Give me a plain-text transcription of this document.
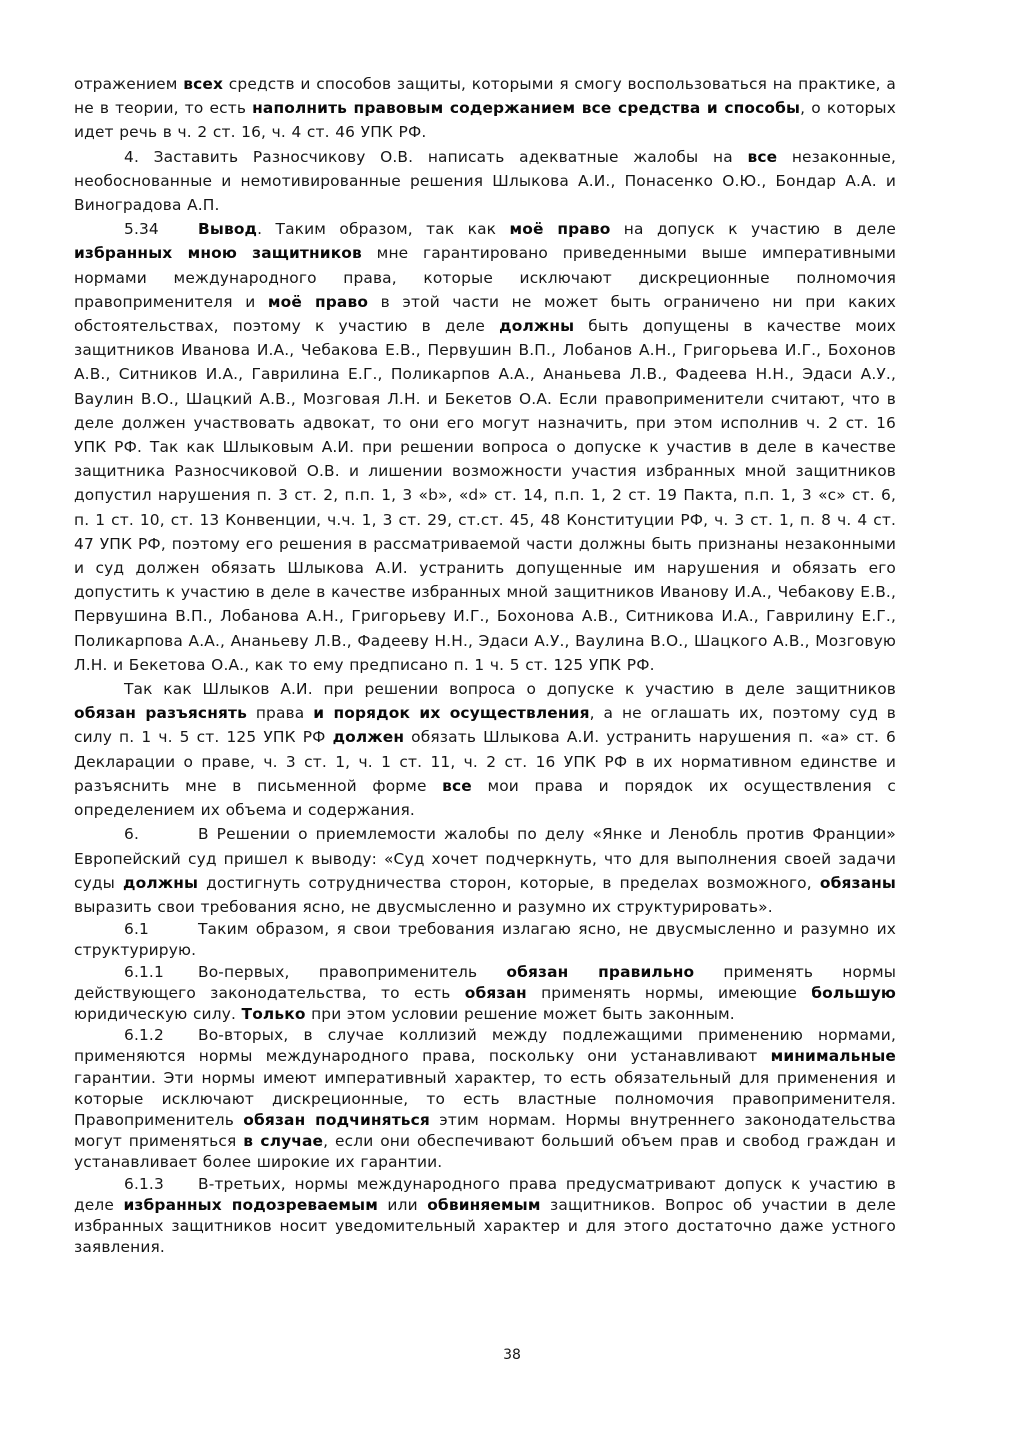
отражением всех средств и способов защиты, которыми я смогу воспользоваться на практике, а не в теории, то есть наполнить правовым содержанием все средства и способы, о которых идет речь в ч. 2 ст. 16, ч. 4 ст. 46 УПК РФ.

4. Заставить Разносчикову О.В. написать адекватные жалобы на все незаконные, необоснованные и немотивированные решения Шлыкова А.И., Понасенко О.Ю., Бондар А.А. и Виноградова А.П.

5.34	Вывод. Таким образом, так как моё право на допуск к участию в деле избранных мною защитников мне гарантировано приведенными выше императивными нормами международного права, которые исключают дискреционные полномочия правоприменителя и моё право в этой части не может быть ограничено ни при каких обстоятельствах, поэтому к участию в деле должны быть допущены в качестве моих защитников Иванова И.А., Чебакова Е.В., Первушин В.П., Лобанов А.Н., Григорьева И.Г., Бохонов А.В., Ситников И.А., Гаврилина Е.Г., Поликарпов А.А., Ананьева Л.В., Фадеева Н.Н., Эдаси А.У., Ваулин В.О., Шацкий А.В., Мозговая Л.Н. и Бекетов О.А. Если правоприменители считают, что в деле должен участвовать адвокат, то они его могут назначить, при этом исполнив ч. 2 ст. 16 УПК РФ. Так как Шлыковым А.И. при решении вопроса о допуске к участив в деле в качестве защитника Разносчиковой О.В. и лишении возможности участия избранных мной защитников допустил нарушения п. 3 ст. 2, п.п. 1, 3 «b», «d» ст. 14, п.п. 1, 2 ст. 19 Пакта, п.п. 1, 3 «c» ст. 6, п. 1 ст. 10, ст. 13 Конвенции, ч.ч. 1, 3 ст. 29, ст.ст. 45, 48 Конституции РФ, ч. 3 ст. 1, п. 8 ч. 4 ст. 47 УПК РФ, поэтому его решения в рассматриваемой части должны быть признаны незаконными и суд должен обязать Шлыкова А.И. устранить допущенные им нарушения и обязать его допустить к участию в деле в качестве избранных мной защитников Иванову И.А., Чебакову Е.В., Первушина В.П., Лобанова А.Н., Григорьеву И.Г., Бохонова А.В., Ситникова И.А., Гаврилину Е.Г., Поликарпова А.А., Ананьеву Л.В., Фадееву Н.Н., Эдаси А.У., Ваулина В.О., Шацкого А.В., Мозговую Л.Н. и Бекетова О.А., как то ему предписано п. 1 ч. 5 ст. 125 УПК РФ.

Так как Шлыков А.И. при решении вопроса о допуске к участию в деле защитников обязан разъяснять права и порядок их осуществления, а не оглашать их, поэтому суд в силу п. 1 ч. 5 ст. 125 УПК РФ должен обязать Шлыкова А.И. устранить нарушения п. «а» ст. 6 Декларации о праве, ч. 3 ст. 1, ч. 1 ст. 11, ч. 2 ст. 16 УПК РФ в их нормативном единстве и разъяснить мне в письменной форме все мои права и порядок их осуществления с определением их объема и содержания.

6.	В Решении о приемлемости жалобы по делу «Янке и Ленобль против Франции» Европейский суд пришел к выводу: «Суд хочет подчеркнуть, что для выполнения своей задачи суды должны достигнуть сотрудничества сторон, которые, в пределах возможного, обязаны выразить свои требования ясно, не двусмысленно и разумно их структурировать».

6.1	Таким образом, я свои требования излагаю ясно, не двусмысленно и разумно их структурирую.

6.1.1 Во-первых, правоприменитель обязан правильно применять нормы действующего законодательства, то есть обязан применять нормы, имеющие большую юридическую силу. Только при этом условии решение может быть законным.

6.1.2 Во-вторых, в случае коллизий между подлежащими применению нормами, применяются нормы международного права, поскольку они устанавливают минимальные гарантии. Эти нормы имеют императивный характер, то есть обязательный для применения и которые исключают дискреционные, то есть властные полномочия правоприменителя. Правоприменитель обязан подчиняться этим нормам. Нормы внутреннего законодательства могут применяться в случае, если они обеспечивают больший объем прав и свобод граждан и устанавливает более широкие их гарантии.

6.1.3 В-третьих, нормы международного права предусматривают допуск к участию в деле избранных подозреваемым или обвиняемым защитников. Вопрос об участии в деле избранных защитников носит уведомительный характер и для этого достаточно даже устного заявления.

38
